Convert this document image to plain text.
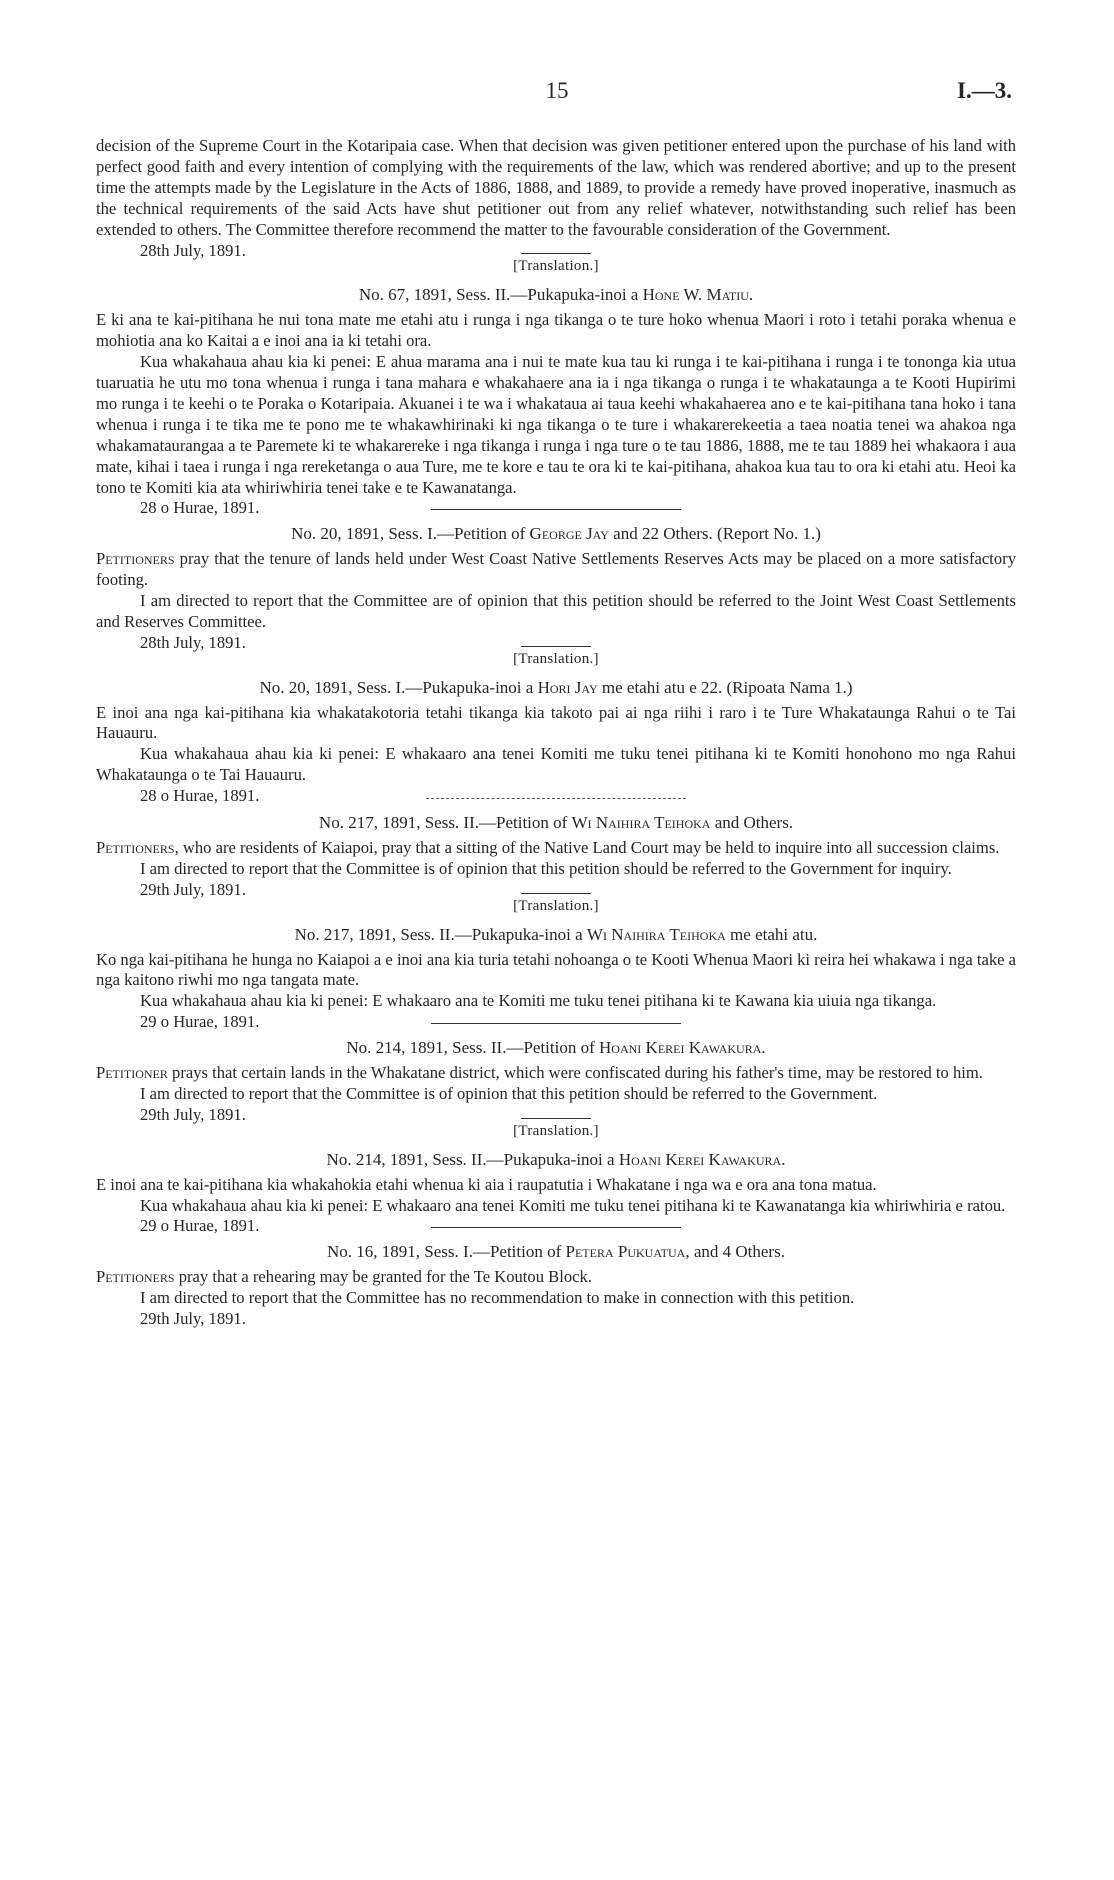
15	I.—3.

decision of the Supreme Court in the Kotaripaia case. When that decision was given petitioner entered upon the purchase of his land with perfect good faith and every intention of complying with the requirements of the law, which was rendered abortive; and up to the present time the attempts made by the Legislature in the Acts of 1886, 1888, and 1889, to provide a remedy have proved inoperative, inasmuch as the technical requirements of the said Acts have shut petitioner out from any relief whatever, notwithstanding such relief has been extended to others. The Committee therefore recommend the matter to the favourable consideration of the Government.

28th July, 1891.

[Translation.]

No. 67, 1891, Sess. II.—Pukapuka-inoi a Hone W. Matiu.

E ki ana te kai-pitihana he nui tona mate me etahi atu i runga i nga tikanga o te ture hoko whenua Maori i roto i tetahi poraka whenua e mohiotia ana ko Kaitai a e inoi ana ia ki tetahi ora.

Kua whakahaua ahau kia ki penei: E ahua marama ana i nui te mate kua tau ki runga i te kai-pitihana i runga i te tononga kia utua tuaruatia he utu mo tona whenua i runga i tana mahara e whakahaere ana ia i nga tikanga o runga i te whakataunga a te Kooti Hupirimi mo runga i te keehi o te Poraka o Kotaripaia. Akuanei i te wa i whakataua ai taua keehi whakahaerea ano e te kai-pitihana tana hoko i tana whenua i runga i te tika me te pono me te whakawhirinaki ki nga tikanga o te ture i whakarerekeetia a taea noatia tenei wa ahakoa nga whakamataurangaa a te Paremete ki te whakarereke i nga tikanga i runga i nga ture o te tau 1886, 1888, me te tau 1889 hei whakaora i aua mate, kihai i taea i runga i nga rereketanga o aua Ture, me te kore e tau te ora ki te kai-pitihana, ahakoa kua tau to ora ki etahi atu. Heoi ka tono te Komiti kia ata whiriwhiria tenei take e te Kawanatanga.

28 o Hurae, 1891.

No. 20, 1891, Sess. I.—Petition of George Jay and 22 Others. (Report No. 1.)

Petitioners pray that the tenure of lands held under West Coast Native Settlements Reserves Acts may be placed on a more satisfactory footing.

I am directed to report that the Committee are of opinion that this petition should be referred to the Joint West Coast Settlements and Reserves Committee.

28th July, 1891.

[Translation.]

No. 20, 1891, Sess. I.—Pukapuka-inoi a Hori Jay me etahi atu e 22. (Ripoata Nama 1.)

E inoi ana nga kai-pitihana kia whakatakotoria tetahi tikanga kia takoto pai ai nga riihi i raro i te Ture Whakataunga Rahui o te Tai Hauauru.

Kua whakahaua ahau kia ki penei: E whakaaro ana tenei Komiti me tuku tenei pitihana ki te Komiti honohono mo nga Rahui Whakataunga o te Tai Hauauru.

28 o Hurae, 1891.

No. 217, 1891, Sess. II.—Petition of Wi Naihira Teihoka and Others.

Petitioners, who are residents of Kaiapoi, pray that a sitting of the Native Land Court may be held to inquire into all succession claims.

I am directed to report that the Committee is of opinion that this petition should be referred to the Government for inquiry.

29th July, 1891.

[Translation.]

No. 217, 1891, Sess. II.—Pukapuka-inoi a Wi Naihira Teihoka me etahi atu.

Ko nga kai-pitihana he hunga no Kaiapoi a e inoi ana kia turia tetahi nohoanga o te Kooti Whenua Maori ki reira hei whakawa i nga take a nga kaitono riwhi mo nga tangata mate.

Kua whakahaua ahau kia ki penei: E whakaaro ana te Komiti me tuku tenei pitihana ki te Kawana kia uiuia nga tikanga.

29 o Hurae, 1891.

No. 214, 1891, Sess. II.—Petition of Hoani Kerei Kawakura.

Petitioner prays that certain lands in the Whakatane district, which were confiscated during his father's time, may be restored to him.

I am directed to report that the Committee is of opinion that this petition should be referred to the Government.

29th July, 1891.

[Translation.]

No. 214, 1891, Sess. II.—Pukapuka-inoi a Hoani Kerei Kawakura.

E inoi ana te kai-pitihana kia whakahokia etahi whenua ki aia i raupatutia i Whakatane i nga wa e ora ana tona matua.

Kua whakahaua ahau kia ki penei: E whakaaro ana tenei Komiti me tuku tenei pitihana ki te Kawanatanga kia whiriwhiria e ratou.

29 o Hurae, 1891.

No. 16, 1891, Sess. I.—Petition of Petera Pukuatua, and 4 Others.

Petitioners pray that a rehearing may be granted for the Te Koutou Block.

I am directed to report that the Committee has no recommendation to make in connection with this petition.

29th July, 1891.
